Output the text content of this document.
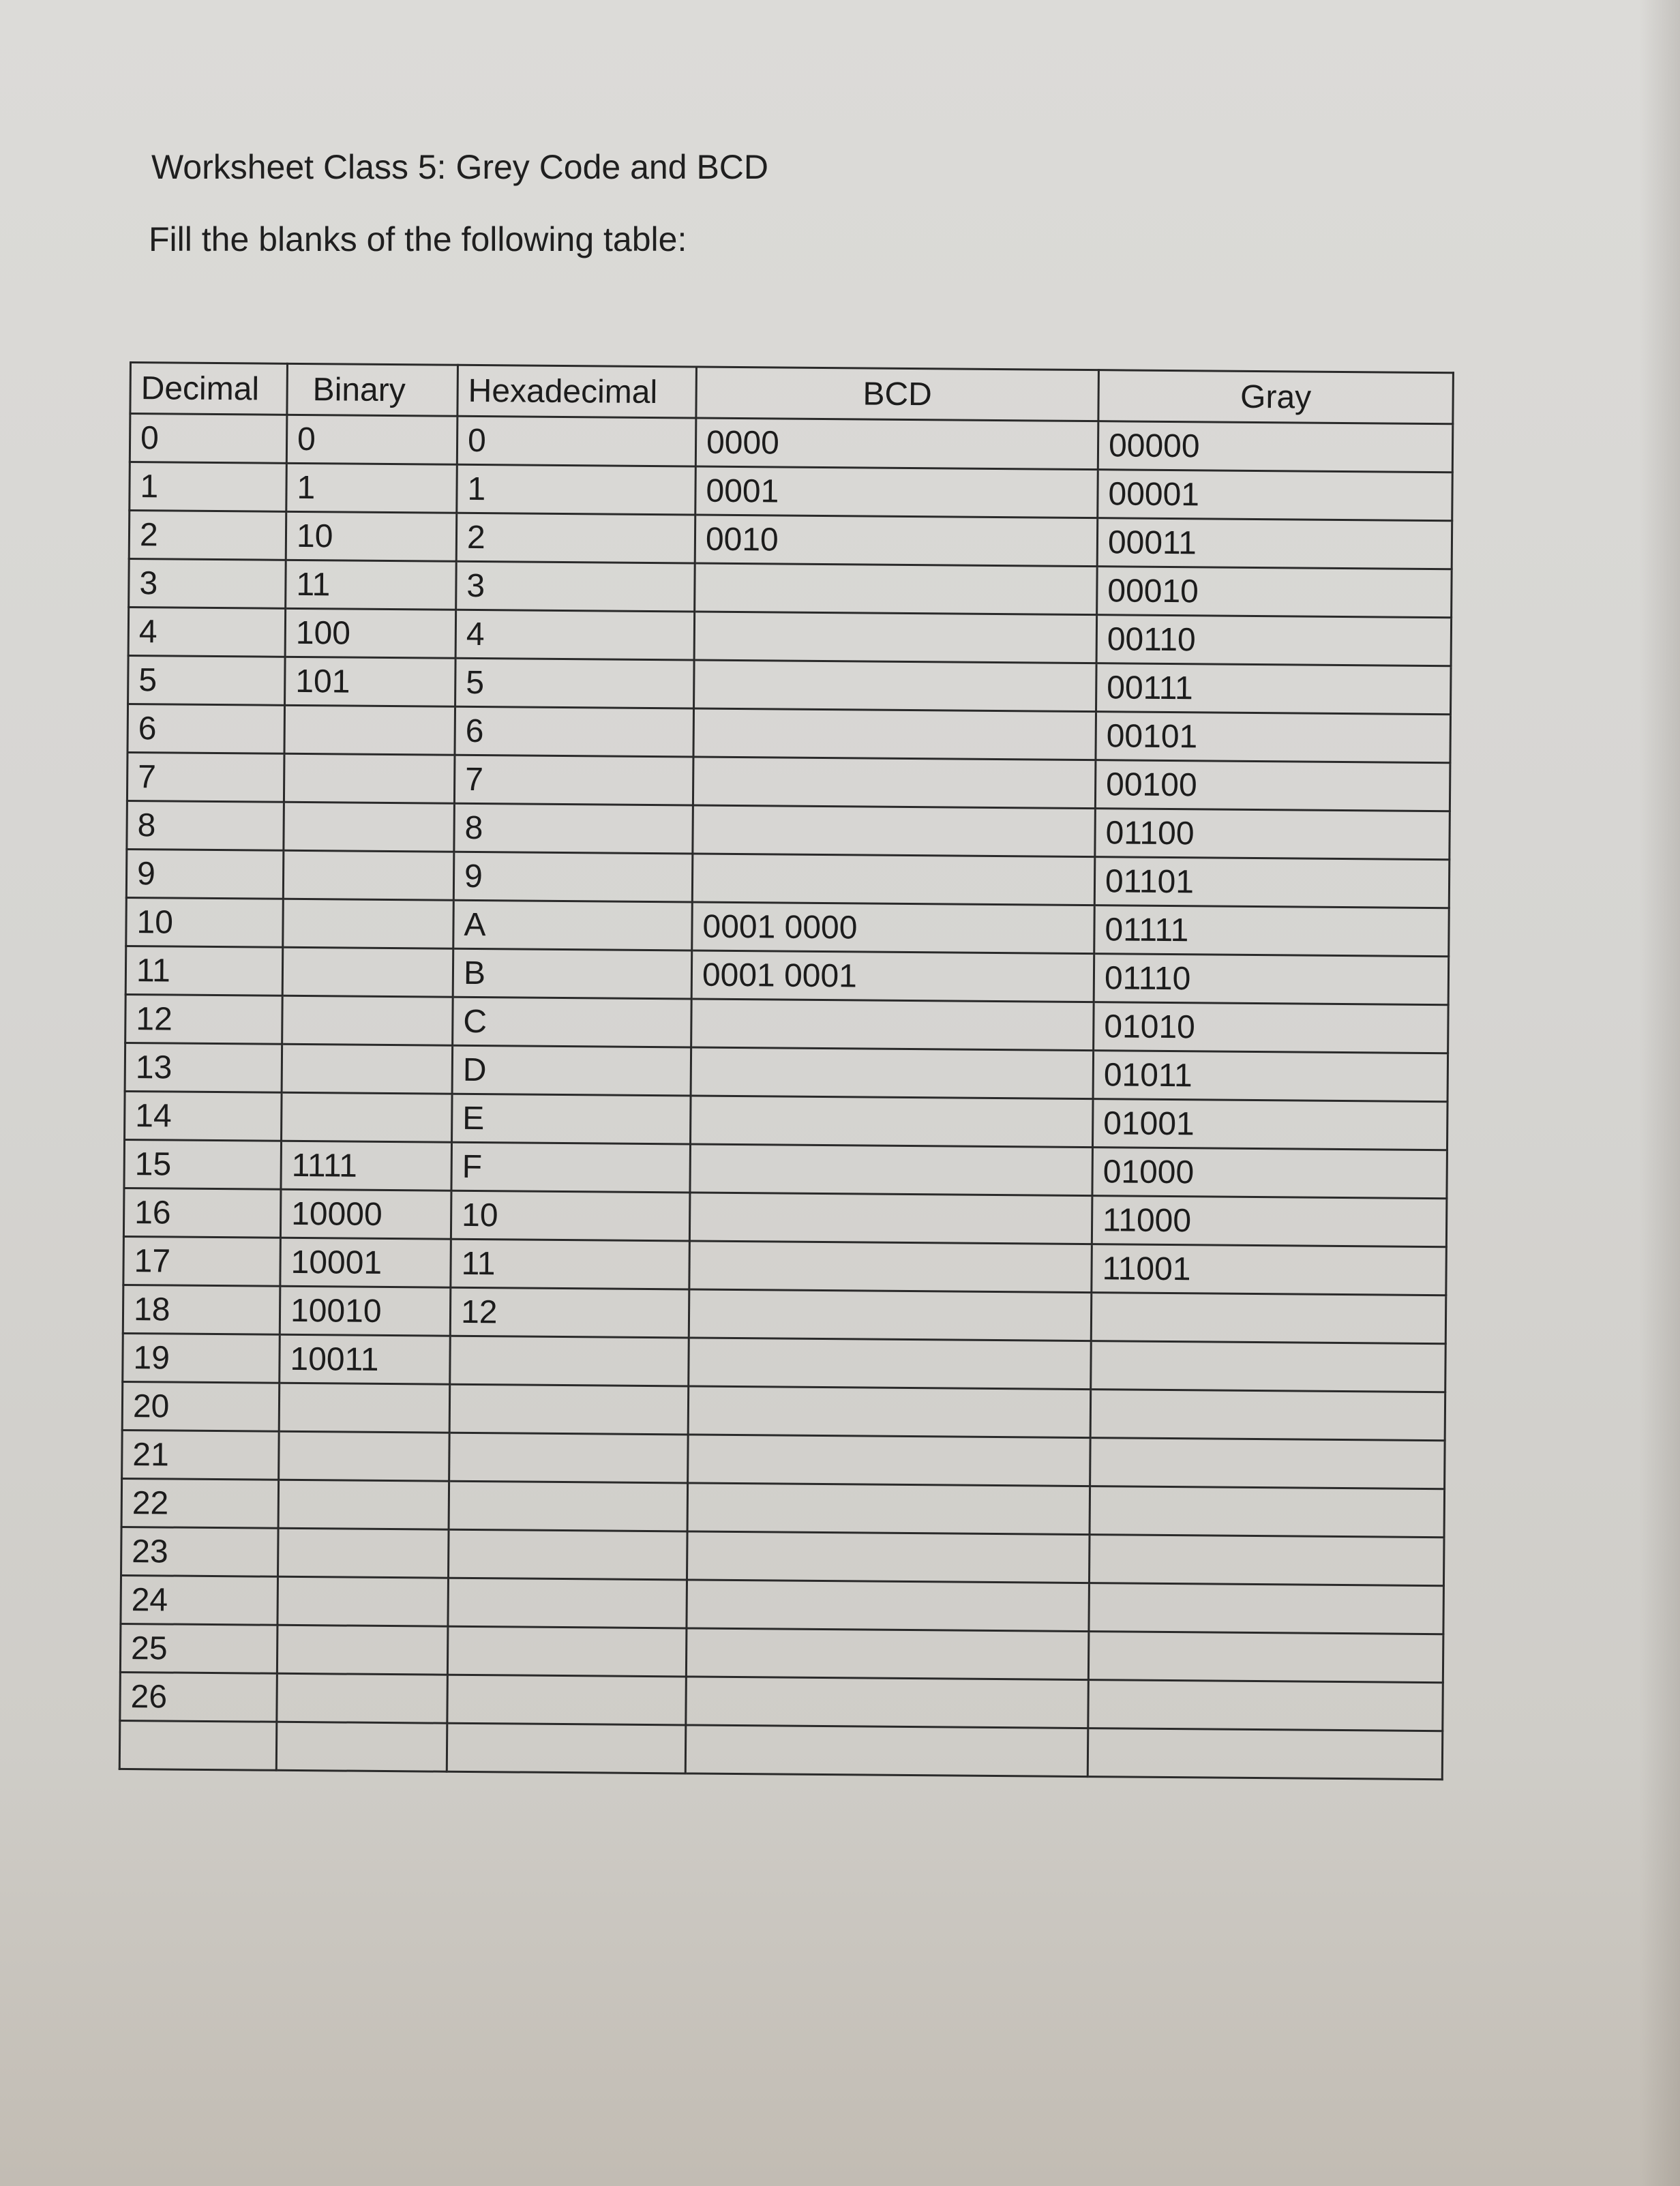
Worksheet Class 5: Grey Code and BCD
Fill the blanks of the following table:
Decimal	Binary	Hexadecimal	BCD	Gray
0	0	0	0000	00000
1	1	1	0001	00001
2	10	2	0010	00011
3	11	3		00010
4	100	4		00110
5	101	5		00111
6		6		00101
7		7		00100
8		8		01100
9		9		01101
10		A	0001 0000	01111
11		B	0001 0001	01110
12		C		01010
13		D		01011
14		E		01001
15	1111	F		01000
16	10000	10		11000
17	10001	11		11001
18	10010	12		
19	10011			
20				
21				
22				
23				
24				
25				
26				
